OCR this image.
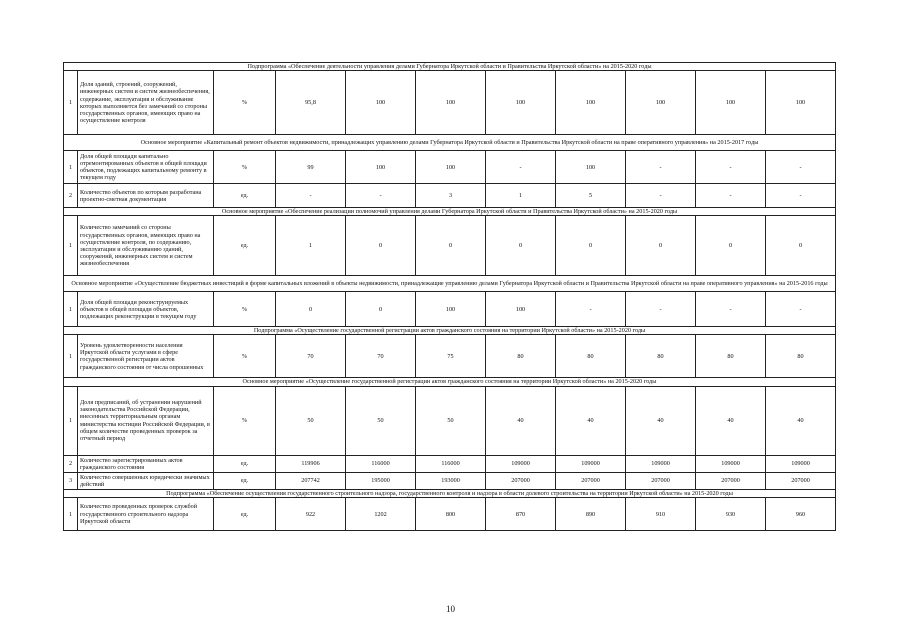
Подпрограмма «Обеспечение деятельности управления делами Губернатора Иркутской области и Правительства Иркутской области» на 2015-2020 годы										
1	Доля зданий, строений, сооружений, инженерных систем и систем жизнеобеспечения, содержание, эксплуатация и обслуживание которых выполняется без замечаний со стороны государственных органов, имеющих право на осуществление контроля	%	95,8	100	100	100	100	100	100	100
Основное мероприятие «Капитальный ремонт объектов недвижимости, принадлежащих управлению делами Губернатора Иркутской области и Правительства Иркутской области на праве оперативного управления» на 2015-2017 годы										
1	Доля общей площади капитально отремонтированных объектов в общей площади объектов, подлежащих капитальному ремонту в текущем году	%	99	100	100	-	100	-	-	-
2	Количество объектов по которым разработана проектно-сметная документация	ед.	-	-	3	1	5	-	-	-
Основное мероприятие «Обеспечение реализации полномочий управления делами Губернатора Иркутской области и Правительства Иркутской области» на 2015-2020 годы										
1	Количество замечаний со стороны государственных органов, имеющих право на осуществление контроля, по содержанию, эксплуатации и обслуживанию зданий, сооружений, инженерных систем и систем жизнеобеспечения	ед.	1	0	0	0	0	0	0	0
Основное мероприятие «Осуществление бюджетных инвестиций в форме капитальных вложений в объекты недвижимости, принадлежащие управлению делами Губернатора Иркутской области и Правительства Иркутской области на праве оперативного управления» на 2015-2016 годы										
1	Доля общей площади реконструируемых объектов в общей площади объектов, подлежащих реконструкции в текущем году	%	0	0	100	100	-	-	-	-
Подпрограмма «Осуществление государственной регистрации актов гражданского состояния на территории Иркутской области» на 2015-2020 годы										
1	Уровень удовлетворенности населения Иркутской области услугами в сфере государственной регистрации актов гражданского состояния от числа опрошенных	%	70	70	75	80	80	80	80	80
Основное мероприятие «Осуществление государственной регистрации актов гражданского состояния на территории Иркутской области» на 2015-2020 годы										
1	Доля предписаний, об устранении нарушений законодательства Российской Федерации, внесенных территориальным органам министерства юстиции Российской Федерации, в общем количестве проведенных проверок за отчетный период	%	50	50	50	40	40	40	40	40
2	Количество зарегистрированных актов гражданского состояния	ед.	119906	116000	116000	109000	109000	109000	109000	109000
3	Количество совершенных юридически значимых действий	ед.	207742	195000	193000	207000	207000	207000	207000	207000
Подпрограмма «Обеспечение осуществления государственного строительного надзора, государственного контроля и надзора в области долевого строительства на территории Иркутской области» на 2015-2020 годы										
1	Количество проведенных проверок службой государственного строительного надзора Иркутской области	ед.	922	1202	800	870	890	910	930	960
10
